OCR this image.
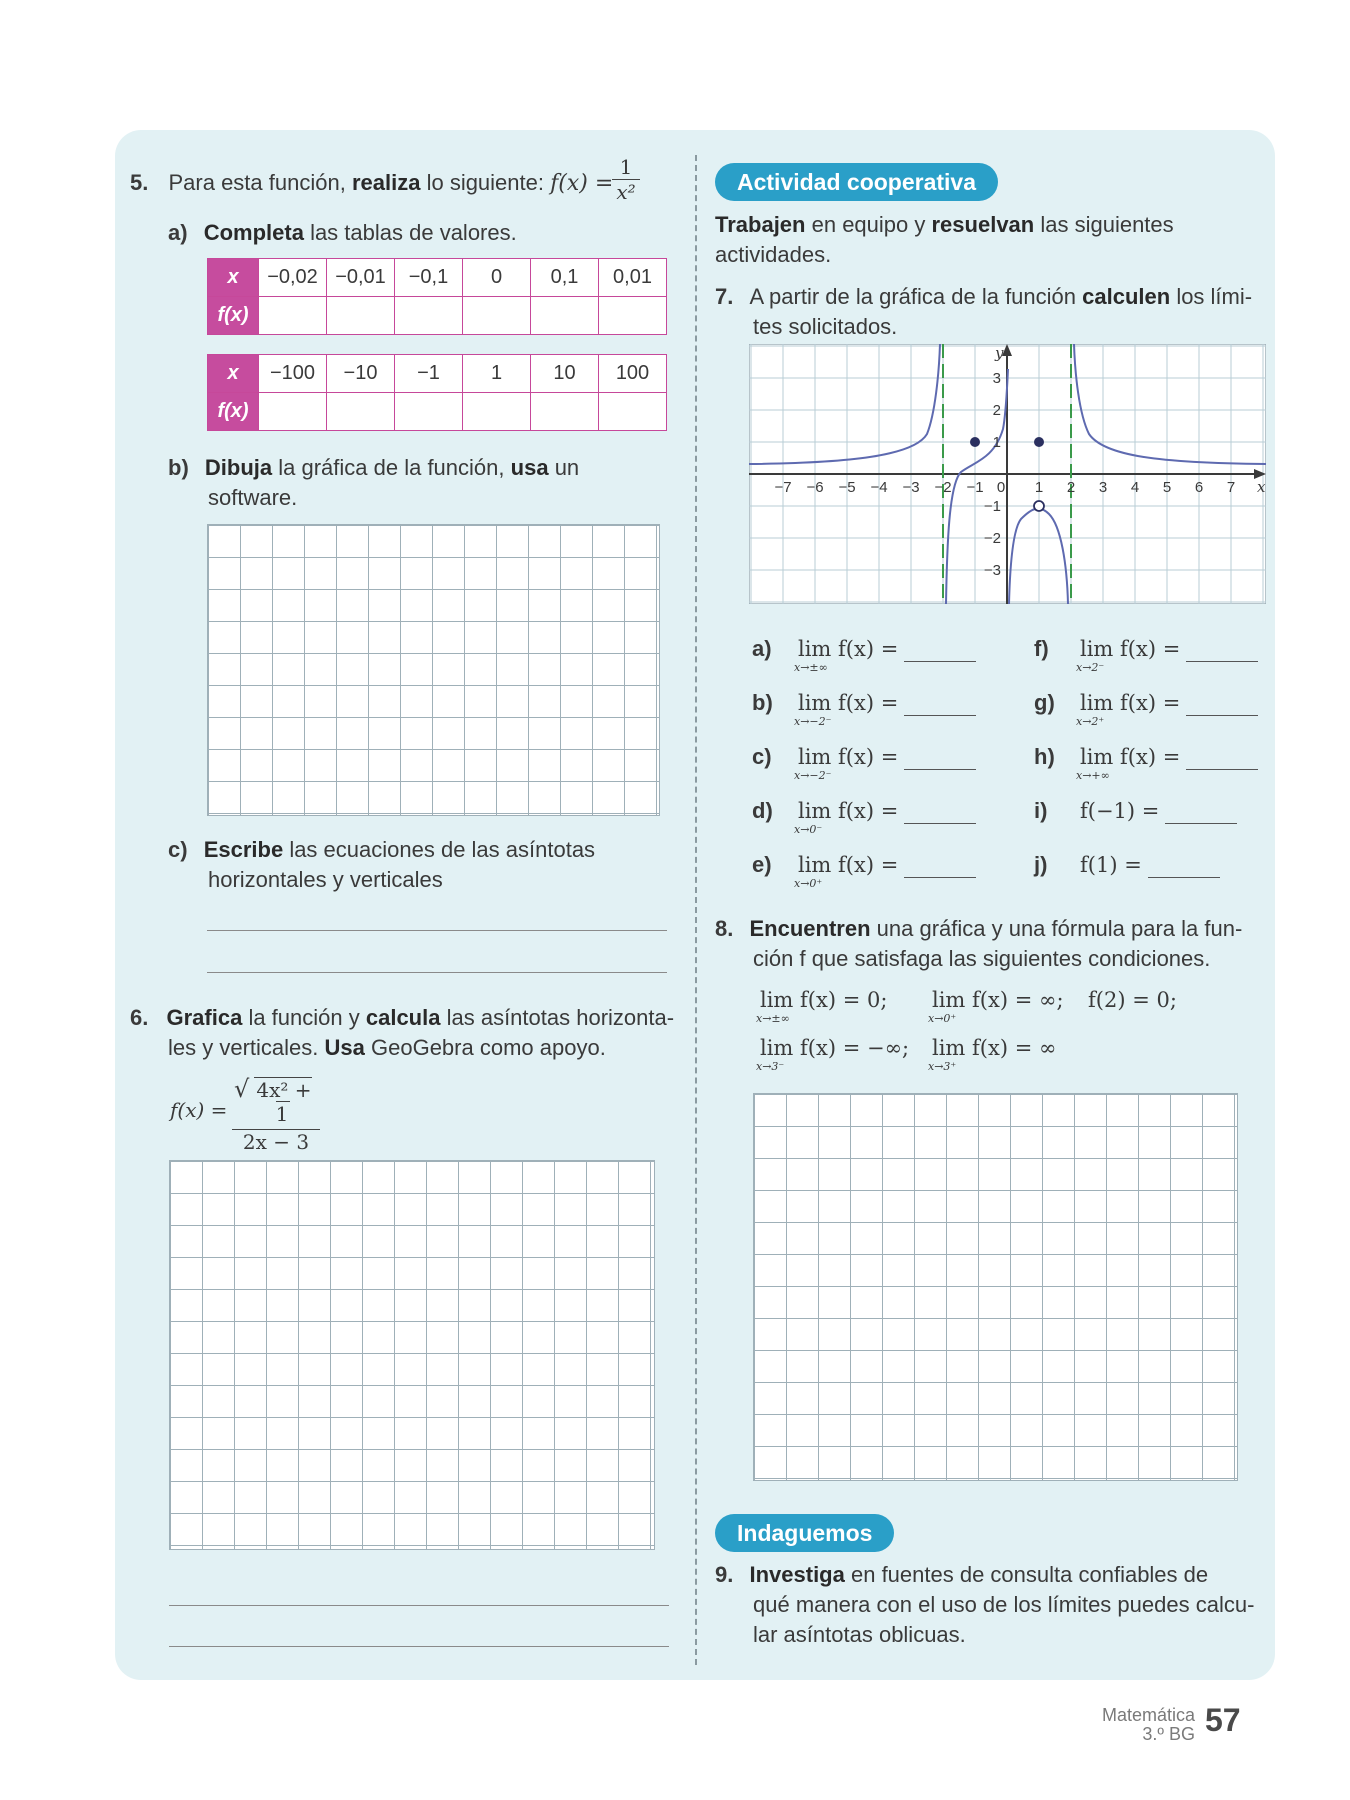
5. Para esta función, realiza lo siguiente: f(x) =
$\frac{1}{\text{x²}}$
a) Completa las tablas de valores.
x	−0,02	−0,01	−0,1	0	0,1	0,01
f(x)						
x	−100	−10	−1	1	10	100
f(x)						
b) Dibuja la gráfica de la función, usa un
software.
c) Escribe las ecuaciones de las asíntotas
horizontales y verticales
6. Grafica la función y calcula las asíntotas horizonta-
les y verticales. Usa GeoGebra como apoyo.
$f(x) = \frac{\text{√ 4x² + 1}}{2x - 3}$
Actividad cooperativa
Trabajen en equipo y resuelvan las siguientes
actividades.
7. A partir de la gráfica de la función calculen los lími-
tes solicitados.
−7 −6 −5 −4 −3 −2 −1 0 1 2 3 4 5 6 7
3
2
1
−1
−2
−3
x
y
a) lim f(x) =
x→±∞
b) lim f(x) =
x→−2⁻
c) lim f(x) =
x→−2⁻
d) lim f(x) =
x→0⁻
e) lim f(x) =
x→0⁺
f) lim f(x) =
x→2⁻
g) lim f(x) =
x→2⁺
h) lim f(x) =
x→+∞
i) f(−1) =
j) f(1) =
8. Encuentren una gráfica y una fórmula para la fun-
ción f que satisfaga las siguientes condiciones.
lim f(x) = 0;
x→±∞
lim f(x) = ∞;
x→0⁺
f(2) = 0;
lim f(x) = −∞;
x→3⁻
lim f(x) = ∞
x→3⁺
Indaguemos
9. Investiga en fuentes de consulta confiables de
qué manera con el uso de los límites puedes calcu-
lar asíntotas oblicuas.
Matemática
3.º BG 57
